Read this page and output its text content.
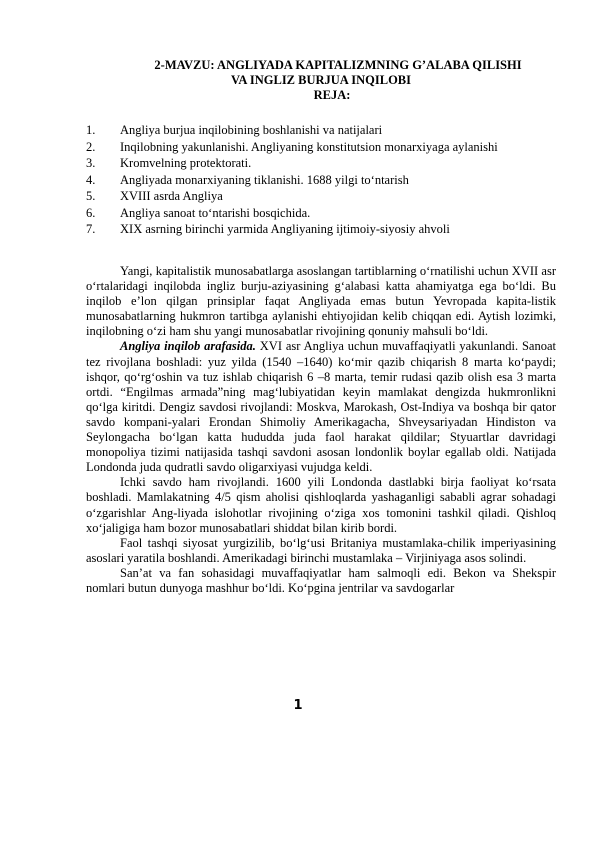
2-MAVZU: ANGLIYADA KAPITALIZMNING G’ALABA QILISHI
VA INGLIZ BURJUA INQILOBI
REJA:
1. Angliya burjua inqilobining boshlanishi va natijalari
2. Inqilobning yakunlanishi. Angliyaning konstitutsion monarxiyaga aylanishi
3. Kromvelning protektorati.
4. Angliyada monarxiyaning tiklanishi. 1688 yilgi to‘ntarish
5. XVIII asrda Angliya
6. Angliya sanoat to‘ntarishi bosqichida.
7. XIX asrning birinchi yarmida Angliyaning ijtimoiy-siyosiy ahvoli

Yangi, kapitalistik munosabatlarga asoslangan tartiblarning o‘rnatilishi uchun XVII asr o‘rtalaridagi inqilobda ingliz burju-aziyasining g‘alabasi katta ahamiyatga ega bo‘ldi. Bu inqilob e’lon qilgan prinsiplar faqat Angliyada emas butun Yevropada kapita-listik munosabatlarning hukmron tartibga aylanishi ehtiyojidan kelib chiqqan edi. Aytish lozimki, inqilobning o‘zi ham shu yangi munosabatlar rivojining qonuniy mahsuli bo‘ldi.

Angliya inqilob arafasida. XVI asr Angliya uchun muvaffaqiyatli yakunlandi. Sanoat tez rivojlana boshladi: yuz yilda (1540 –1640) ko‘mir qazib chiqarish 8 marta ko‘paydi; ishqor, qo‘rg‘oshin va tuz ishlab chiqarish 6 –8 marta, temir rudasi qazib olish esa 3 marta ortdi. “Engilmas armada”ning mag‘lubiyatidan keyin mamlakat dengizda hukmronlikni qo‘lga kiritdi. Dengiz savdosi rivojlandi: Moskva, Marokash, Ost-Indiya va boshqa bir qator savdo kompani-yalari Erondan Shimoliy Amerikagacha, Shveysariyadan Hindiston va Seylongacha bo‘lgan katta hududda juda faol harakat qildilar; Styuartlar davridagi monopoliya tizimi natijasida tashqi savdoni asosan londonlik boylar egallab oldi. Natijada Londonda juda qudratli savdo oligarxiyasi vujudga keldi.

Ichki savdo ham rivojlandi. 1600 yili Londonda dastlabki birja faoliyat ko‘rsata boshladi. Mamlakatning 4/5 qism aholisi qishloqlarda yashaganligi sababli agrar sohadagi o‘zgarishlar Ang-liyada islohotlar rivojining o‘ziga xos tomonini tashkil qiladi. Qishloq xo‘jaligiga ham bozor munosabatlari shiddat bilan kirib bordi.

Faol tashqi siyosat yurgizilib, bo‘lg‘usi Britaniya mustamlaka-chilik imperiyasining asoslari yaratila boshlandi. Amerikadagi birinchi mustamlaka – Virjiniyaga asos solindi.

San’at va fan sohasidagi muvaffaqiyatlar ham salmoqli edi. Bekon va Shekspir nomlari butun dunyoga mashhur bo‘ldi. Ko‘pgina jentrilar va savdogarlar

1
